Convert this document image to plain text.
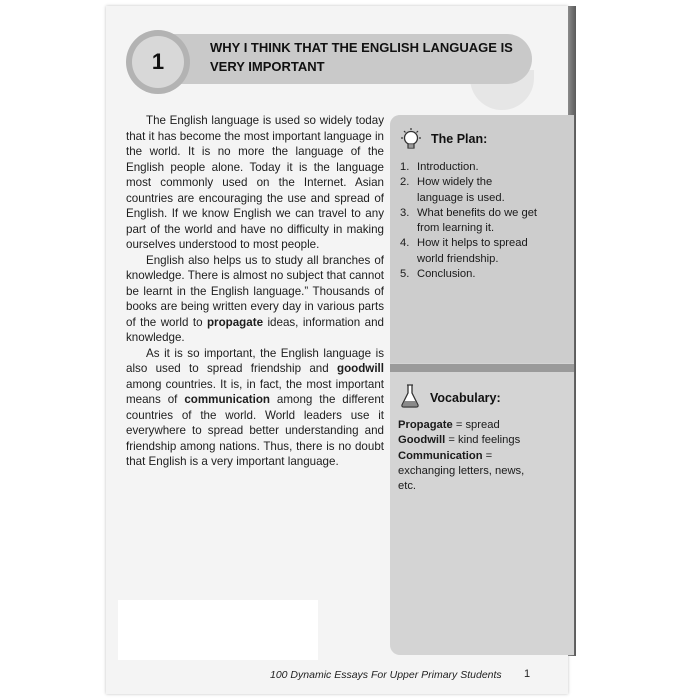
1
WHY I THINK THAT THE ENGLISH LANGUAGE IS
VERY IMPORTANT

The English language is used so widely today that it has become the most important language in the world. It is no more the language of the English people alone. Today it is the language most commonly used on the Internet. Asian countries are encouraging the use and spread of English. If we know English we can travel to any part of the world and have no difficulty in making ourselves understood to most people.

English also helps us to study all branches of knowledge. There is almost no subject that cannot be learnt in the English language.” Thousands of books are being written every day in various parts of the world to propagate ideas, information and knowledge.

As it is so important, the English language is also used to spread friendship and goodwill among countries. It is, in fact, the most important means of communication among the different countries of the world. World leaders use it everywhere to spread better understanding and friendship among nations. Thus, there is no doubt that English is a very important language.

The Plan:
1. Introduction.
2. How widely the language is used.
3. What benefits do we get from learning it.
4. How it helps to spread world friendship.
5. Conclusion.
Vocabulary:
Propagate = spread
Goodwill = kind feelings
Communication = exchanging letters, news, etc.
100 Dynamic Essays For Upper Primary Students 1
